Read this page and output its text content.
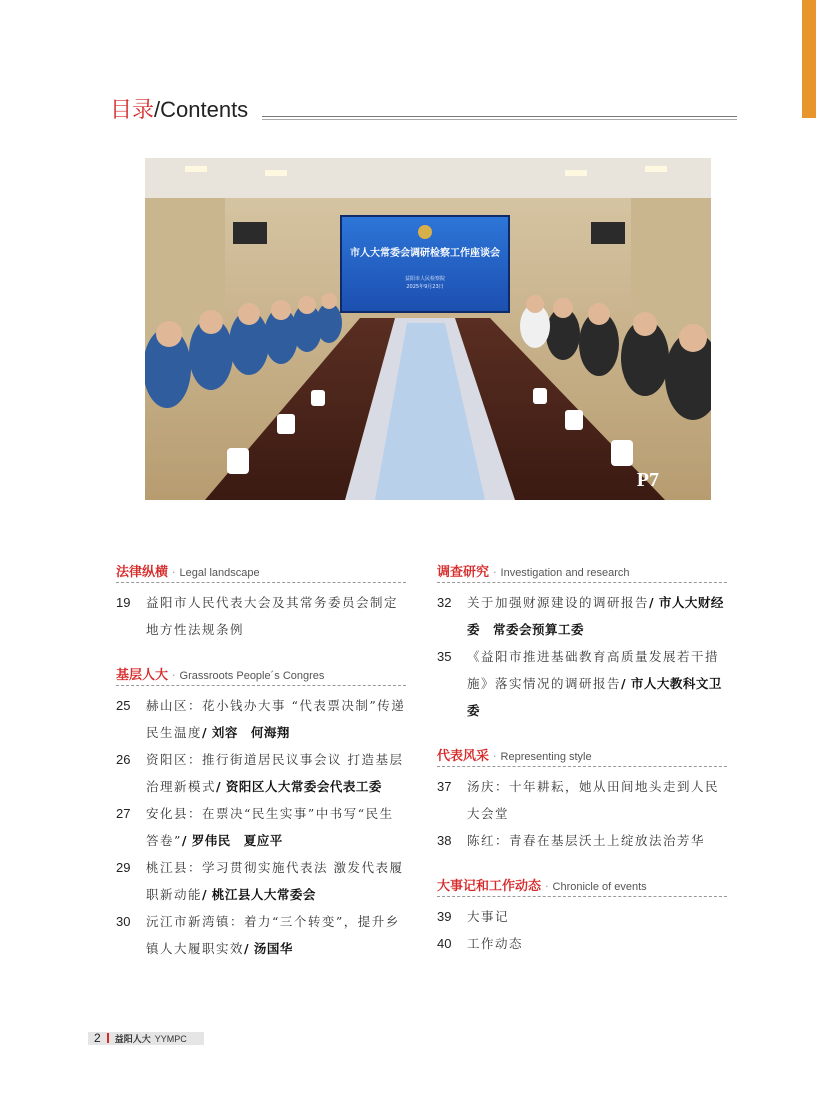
目录/Contents
市人大常委会调研检察工作座谈会
益阳市人民检察院
2025年9月23日
P7
法律纵横 · Legal landscape
19	益阳市人民代表大会及其常务委员会制定地方性法规条例
基层人大 · Grassroots People´s Congres
25	赫山区：花小钱办大事 “代表票决制”传递民生温度/ 刘容　何海翔
26	资阳区：推行街道居民议事会议 打造基层治理新模式/ 资阳区人大常委会代表工委
27	安化县：在票决“民生实事”中书写“民生答卷”/ 罗伟民　夏应平
29	桃江县：学习贯彻实施代表法 激发代表履职新动能/ 桃江县人大常委会
30	沅江市新湾镇：着力“三个转变”，提升乡镇人大履职实效/ 汤国华
调查研究 · Investigation and research
32	关于加强财源建设的调研报告/ 市人大财经委　常委会预算工委
35	《益阳市推进基础教育高质量发展若干措施》落实情况的调研报告/ 市人大教科文卫委
代表风采 · Representing style
37	汤庆：十年耕耘，她从田间地头走到人民大会堂
38	陈红：青春在基层沃土上绽放法治芳华
大事记和工作动态 · Chronicle of events
39	大事记
40	工作动态
2 益阳人大 YYMPC
